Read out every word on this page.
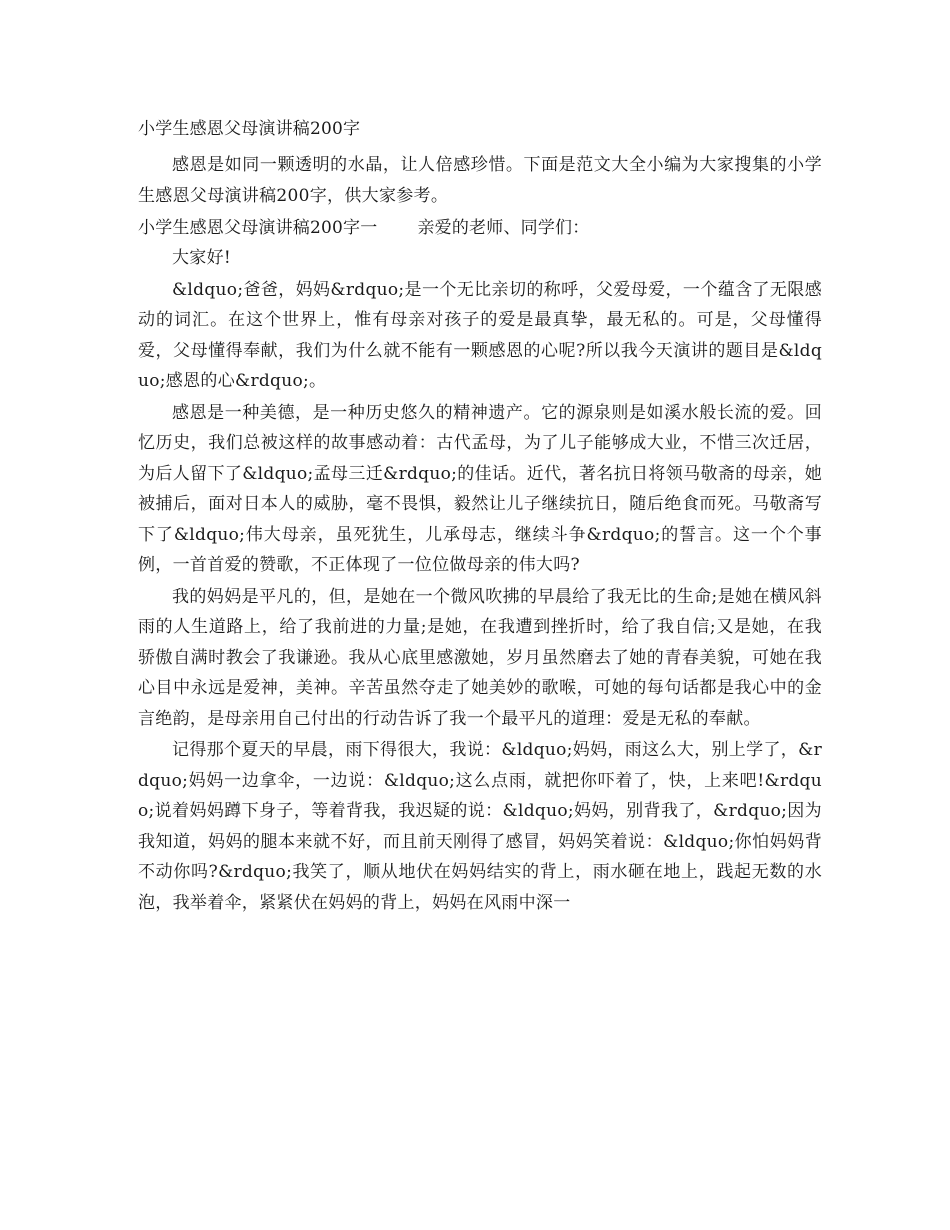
小学生感恩父母演讲稿200字

感恩是如同一颗透明的水晶，让人倍感珍惜。下面是范文大全小编为大家搜集的小学生感恩父母演讲稿200字，供大家参考。

小学生感恩父母演讲稿200字一 亲爱的老师、同学们：

大家好!

&ldquo;爸爸，妈妈&rdquo;是一个无比亲切的称呼，父爱母爱，一个蕴含了无限感动的词汇。在这个世界上，惟有母亲对孩子的爱是最真挚，最无私的。可是，父母懂得爱，父母懂得奉献，我们为什么就不能有一颗感恩的心呢?所以我今天演讲的题目是&ldquo;感恩的心&rdquo;。

感恩是一种美德，是一种历史悠久的精神遗产。它的源泉则是如溪水般长流的爱。回忆历史，我们总被这样的故事感动着：古代孟母，为了儿子能够成大业，不惜三次迁居，为后人留下了&ldquo;孟母三迁&rdquo;的佳话。近代，著名抗日将领马敬斋的母亲，她被捕后，面对日本人的威胁，毫不畏惧，毅然让儿子继续抗日，随后绝食而死。马敬斋写下了&ldquo;伟大母亲，虽死犹生，儿承母志，继续斗争&rdquo;的誓言。这一个个事例，一首首爱的赞歌，不正体现了一位位做母亲的伟大吗?

我的妈妈是平凡的，但，是她在一个微风吹拂的早晨给了我无比的生命;是她在横风斜雨的人生道路上，给了我前进的力量;是她，在我遭到挫折时，给了我自信;又是她，在我骄傲自满时教会了我谦逊。我从心底里感激她，岁月虽然磨去了她的青春美貌，可她在我心目中永远是爱神，美神。辛苦虽然夺走了她美妙的歌喉，可她的每句话都是我心中的金言绝韵，是母亲用自己付出的行动告诉了我一个最平凡的道理：爱是无私的奉献。

记得那个夏天的早晨，雨下得很大，我说：&ldquo;妈妈，雨这么大，别上学了，&rdquo;妈妈一边拿伞，一边说：&ldquo;这么点雨，就把你吓着了，快，上来吧!&rdquo;说着妈妈蹲下身子，等着背我，我迟疑的说：&ldquo;妈妈，别背我了，&rdquo;因为我知道，妈妈的腿本来就不好，而且前天刚得了感冒，妈妈笑着说：&ldquo;你怕妈妈背不动你吗?&rdquo;我笑了，顺从地伏在妈妈结实的背上，雨水砸在地上，践起无数的水泡，我举着伞，紧紧伏在妈妈的背上，妈妈在风雨中深一
